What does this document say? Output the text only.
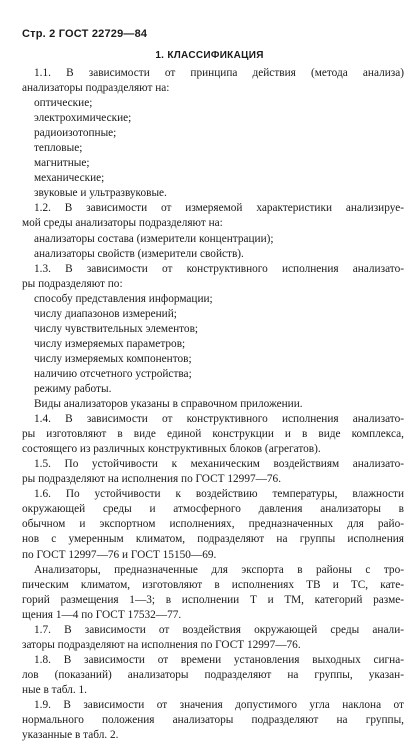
Стр. 2 ГОСТ 22729—84
1. КЛАССИФИКАЦИЯ
1.1. В зависимости от принципа действия (метода анализа)
анализаторы подразделяют на:
оптические;
электрохимические;
радиоизотопные;
тепловые;
магнитные;
механические;
звуковые и ультразвуковые.
1.2. В зависимости от измеряемой характеристики анализируе-
мой среды анализаторы подразделяют на:
анализаторы состава (измерители концентрации);
анализаторы свойств (измерители свойств).
1.3. В зависимости от конструктивного исполнения анализато-
ры подразделяют по:
способу представления информации;
числу диапазонов измерений;
числу чувствительных элементов;
числу измеряемых параметров;
числу измеряемых компонентов;
наличию отсчетного устройства;
режиму работы.
Виды анализаторов указаны в справочном приложении.
1.4. В зависимости от конструктивного исполнения анализато-
ры изготовляют в виде единой конструкции и в виде комплекса,
состоящего из различных конструктивных блоков (агрегатов).
1.5. По устойчивости к механическим воздействиям анализато-
ры подразделяют на исполнения по ГОСТ 12997—76.
1.6. По устойчивости к воздействию температуры, влажности
окружающей среды и атмосферного давления анализаторы в
обычном и экспортном исполнениях, предназначенных для райо-
нов с умеренным климатом, подразделяют на группы исполнения
по ГОСТ 12997—76 и ГОСТ 15150—69.
Анализаторы, предназначенные для экспорта в районы с тро-
пическим климатом, изготовляют в исполнениях ТВ и ТС, кате-
горий размещения 1—3; в исполнении Т и ТМ, категорий разме-
щения 1—4 по ГОСТ 17532—77.
1.7. В зависимости от воздействия окружающей среды анали-
заторы подразделяют на исполнения по ГОСТ 12997—76.
1.8. В зависимости от времени установления выходных сигна-
лов (показаний) анализаторы подразделяют на группы, указан-
ные в табл. 1.
1.9. В зависимости от значения допустимого угла наклона от
нормального положения анализаторы подразделяют на группы,
указанные в табл. 2.
